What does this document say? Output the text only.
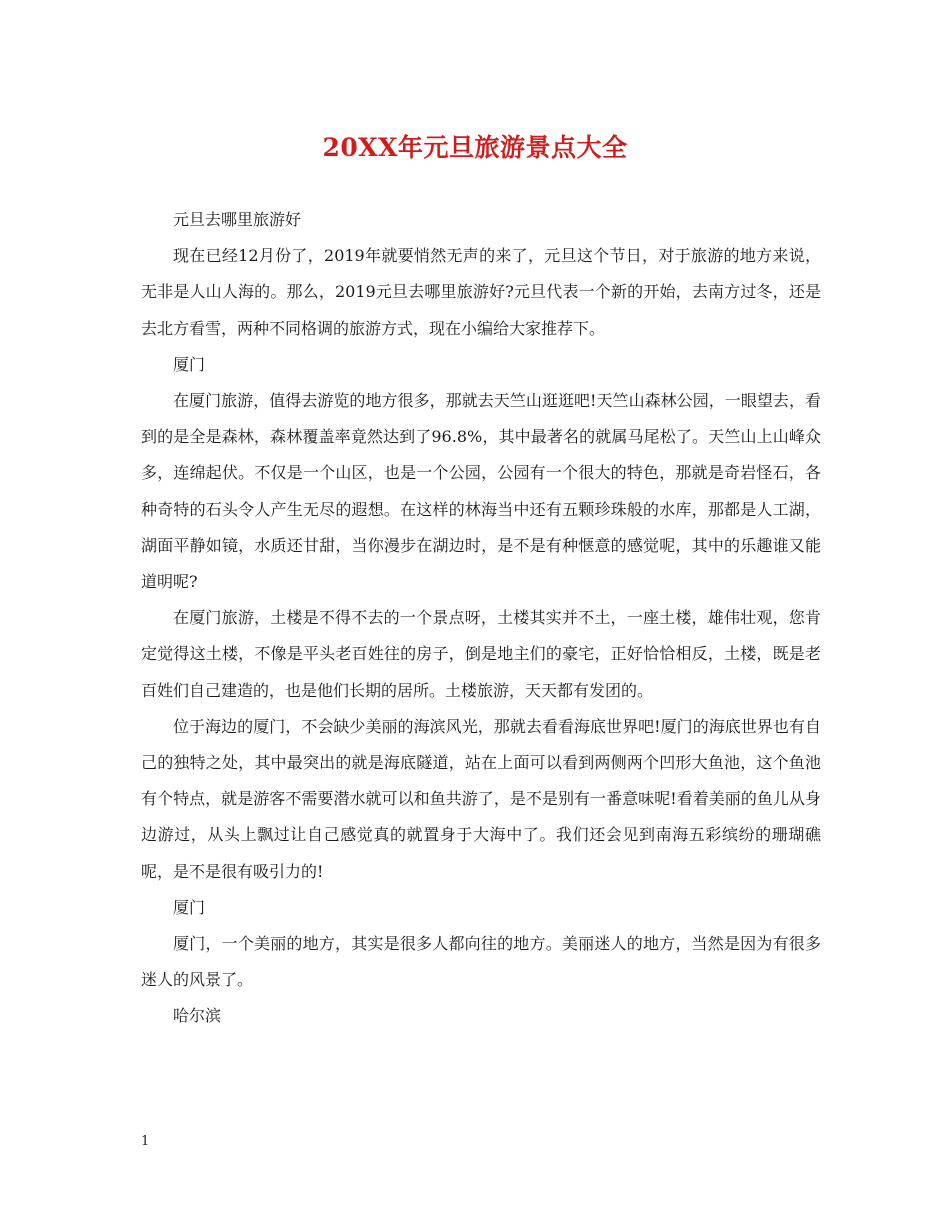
20XX年元旦旅游景点大全

元旦去哪里旅游好

现在已经12月份了，2019年就要悄然无声的来了，元旦这个节日，对于旅游的地方来说，无非是人山人海的。那么，2019元旦去哪里旅游好?元旦代表一个新的开始，去南方过冬，还是去北方看雪，两种不同格调的旅游方式，现在小编给大家推荐下。

厦门

在厦门旅游，值得去游览的地方很多，那就去天竺山逛逛吧!天竺山森林公园，一眼望去，看到的是全是森林，森林覆盖率竟然达到了96.8%，其中最著名的就属马尾松了。天竺山上山峰众多，连绵起伏。不仅是一个山区，也是一个公园，公园有一个很大的特色，那就是奇岩怪石，各种奇特的石头令人产生无尽的遐想。在这样的林海当中还有五颗珍珠般的水库，那都是人工湖，湖面平静如镜，水质还甘甜，当你漫步在湖边时，是不是有种惬意的感觉呢，其中的乐趣谁又能道明呢?

在厦门旅游，土楼是不得不去的一个景点呀，土楼其实并不土，一座土楼，雄伟壮观，您肯定觉得这土楼，不像是平头老百姓往的房子，倒是地主们的豪宅，正好恰恰相反，土楼，既是老百姓们自己建造的，也是他们长期的居所。土楼旅游，天天都有发团的。

位于海边的厦门，不会缺少美丽的海滨风光，那就去看看海底世界吧!厦门的海底世界也有自己的独特之处，其中最突出的就是海底隧道，站在上面可以看到两侧两个凹形大鱼池，这个鱼池有个特点，就是游客不需要潜水就可以和鱼共游了，是不是别有一番意味呢!看着美丽的鱼儿从身边游过，从头上飘过让自己感觉真的就置身于大海中了。我们还会见到南海五彩缤纷的珊瑚礁呢，是不是很有吸引力的!

厦门

厦门，一个美丽的地方，其实是很多人都向往的地方。美丽迷人的地方，当然是因为有很多迷人的风景了。

哈尔滨

1
